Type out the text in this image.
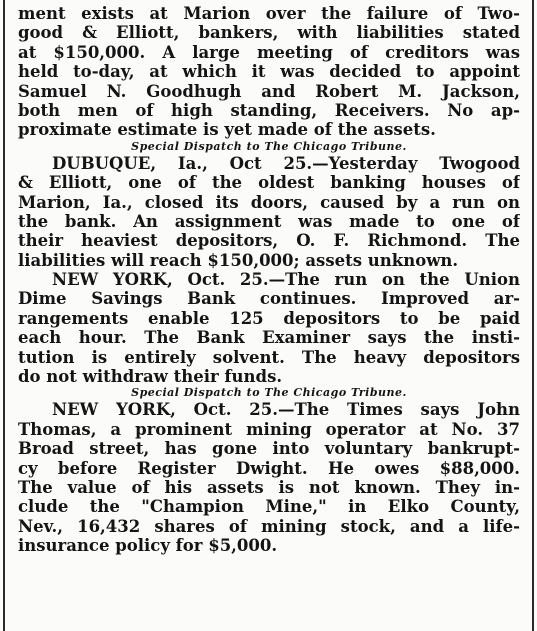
ment exists at Marion over the failure of Two-
good & Elliott, bankers, with liabilities stated
at $150,000. A large meeting of creditors was
held to-day, at which it was decided to appoint
Samuel N. Goodhugh and Robert M. Jackson,
both men of high standing, Receivers. No ap-
proximate estimate is yet made of the assets.
Special Dispatch to The Chicago Tribune.
DUBUQUE, Ia., Oct 25.—Yesterday Twogood
& Elliott, one of the oldest banking houses of
Marion, Ia., closed its doors, caused by a run on
the bank. An assignment was made to one of
their heaviest depositors, O. F. Richmond. The
liabilities will reach $150,000; assets unknown.
NEW YORK, Oct. 25.—The run on the Union
Dime Savings Bank continues. Improved ar-
rangements enable 125 depositors to be paid
each hour. The Bank Examiner says the insti-
tution is entirely solvent. The heavy depositors
do not withdraw their funds.
Special Dispatch to The Chicago Tribune.
NEW YORK, Oct. 25.—The Times says John
Thomas, a prominent mining operator at No. 37
Broad street, has gone into voluntary bankrupt-
cy before Register Dwight. He owes $88,000.
The value of his assets is not known. They in-
clude the "Champion Mine," in Elko County,
Nev., 16,432 shares of mining stock, and a life-
insurance policy for $5,000.
